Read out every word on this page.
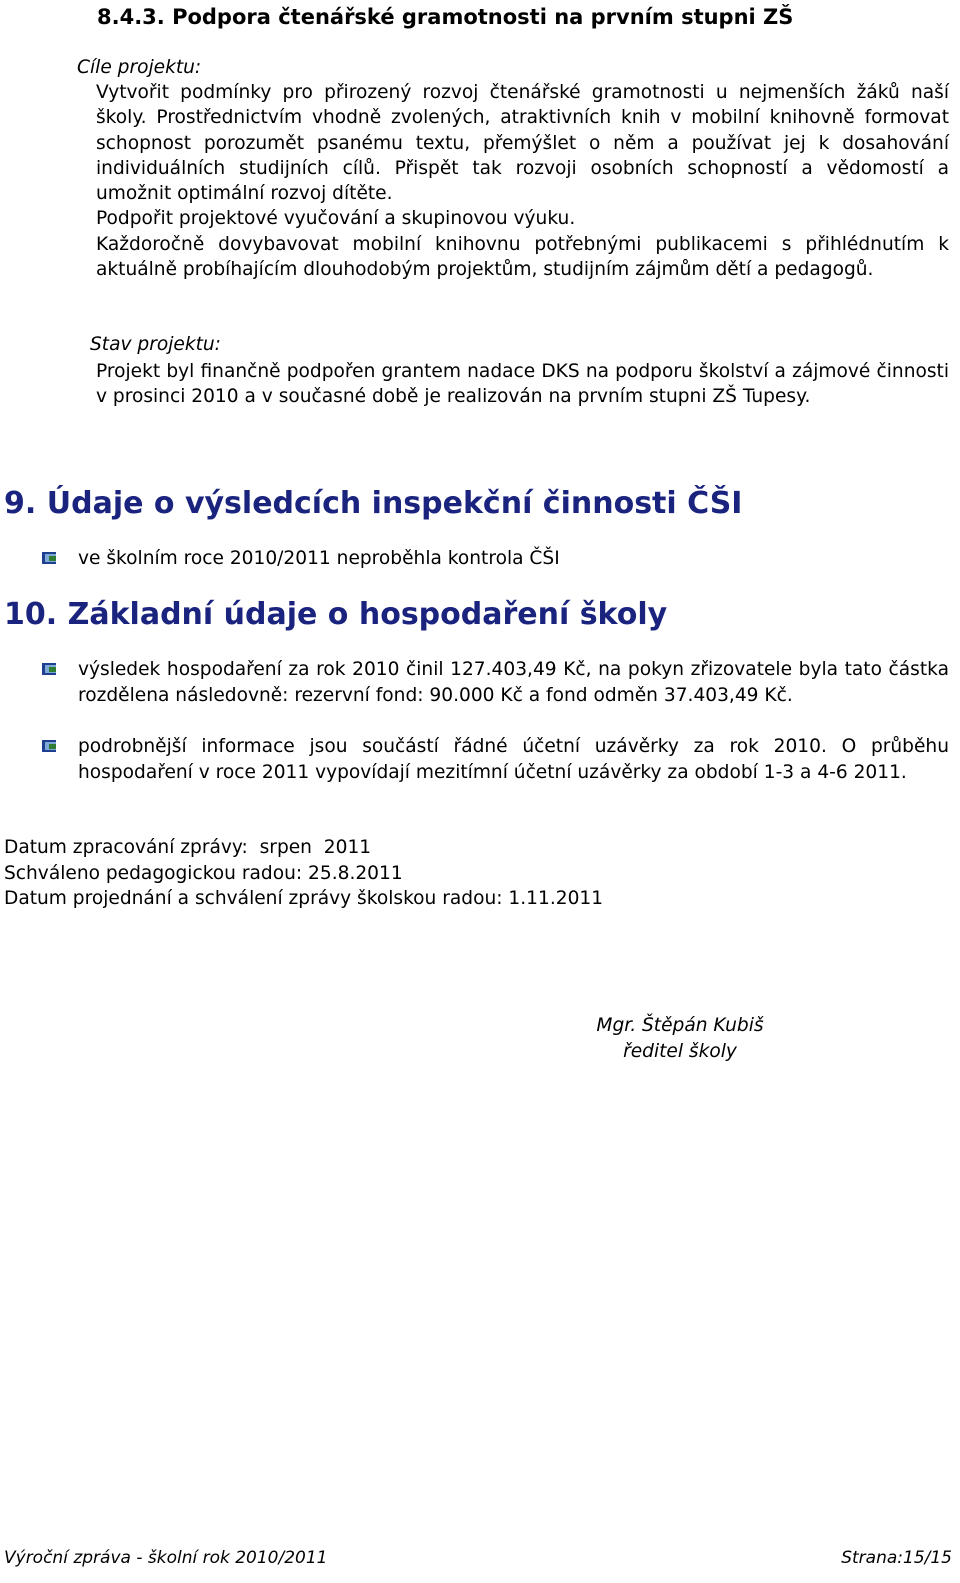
8.4.3. Podpora čtenářské gramotnosti na prvním stupni ZŠ
Cíle projektu:

Vytvořit podmínky pro přirozený rozvoj čtenářské gramotnosti u nejmenších žáků naší školy. Prostřednictvím vhodně zvolených, atraktivních knih v mobilní knihovně formovat schopnost porozumět psanému textu, přemýšlet o něm a používat jej k dosahování individuálních studijních cílů. Přispět tak rozvoji osobních schopností a vědomostí a umožnit optimální rozvoj dítěte.

Podpořit projektové vyučování a skupinovou výuku.

Každoročně dovybavovat mobilní knihovnu potřebnými publikacemi s přihlédnutím k aktuálně probíhajícím dlouhodobým projektům, studijním zájmům dětí a pedagogů.

Stav projektu:
Projekt byl finančně podpořen grantem nadace DKS na podporu školství a zájmové činnosti v prosinci 2010 a v současné době je realizován na prvním stupni ZŠ Tupesy.
9. Údaje o výsledcích inspekční činnosti ČŠI
ve školním roce 2010/2011 neproběhla kontrola ČŠI
10. Základní údaje o hospodaření školy
výsledek hospodaření za rok 2010 činil 127.403,49 Kč, na pokyn zřizovatele byla tato částka rozdělena následovně: rezervní fond: 90.000 Kč a fond odměn 37.403,49 Kč.
podrobnější informace jsou součástí řádné účetní uzávěrky za rok 2010. O průběhu hospodaření v roce 2011 vypovídají mezitímní účetní uzávěrky za období 1-3 a 4-6 2011.
Datum zpracování zprávy:  srpen  2011
Schváleno pedagogickou radou: 25.8.2011
Datum projednání a schválení zprávy školskou radou: 1.11.2011
Mgr. Štěpán Kubiš
ředitel školy
Výroční zpráva - školní rok 2010/2011	Strana:15/15
